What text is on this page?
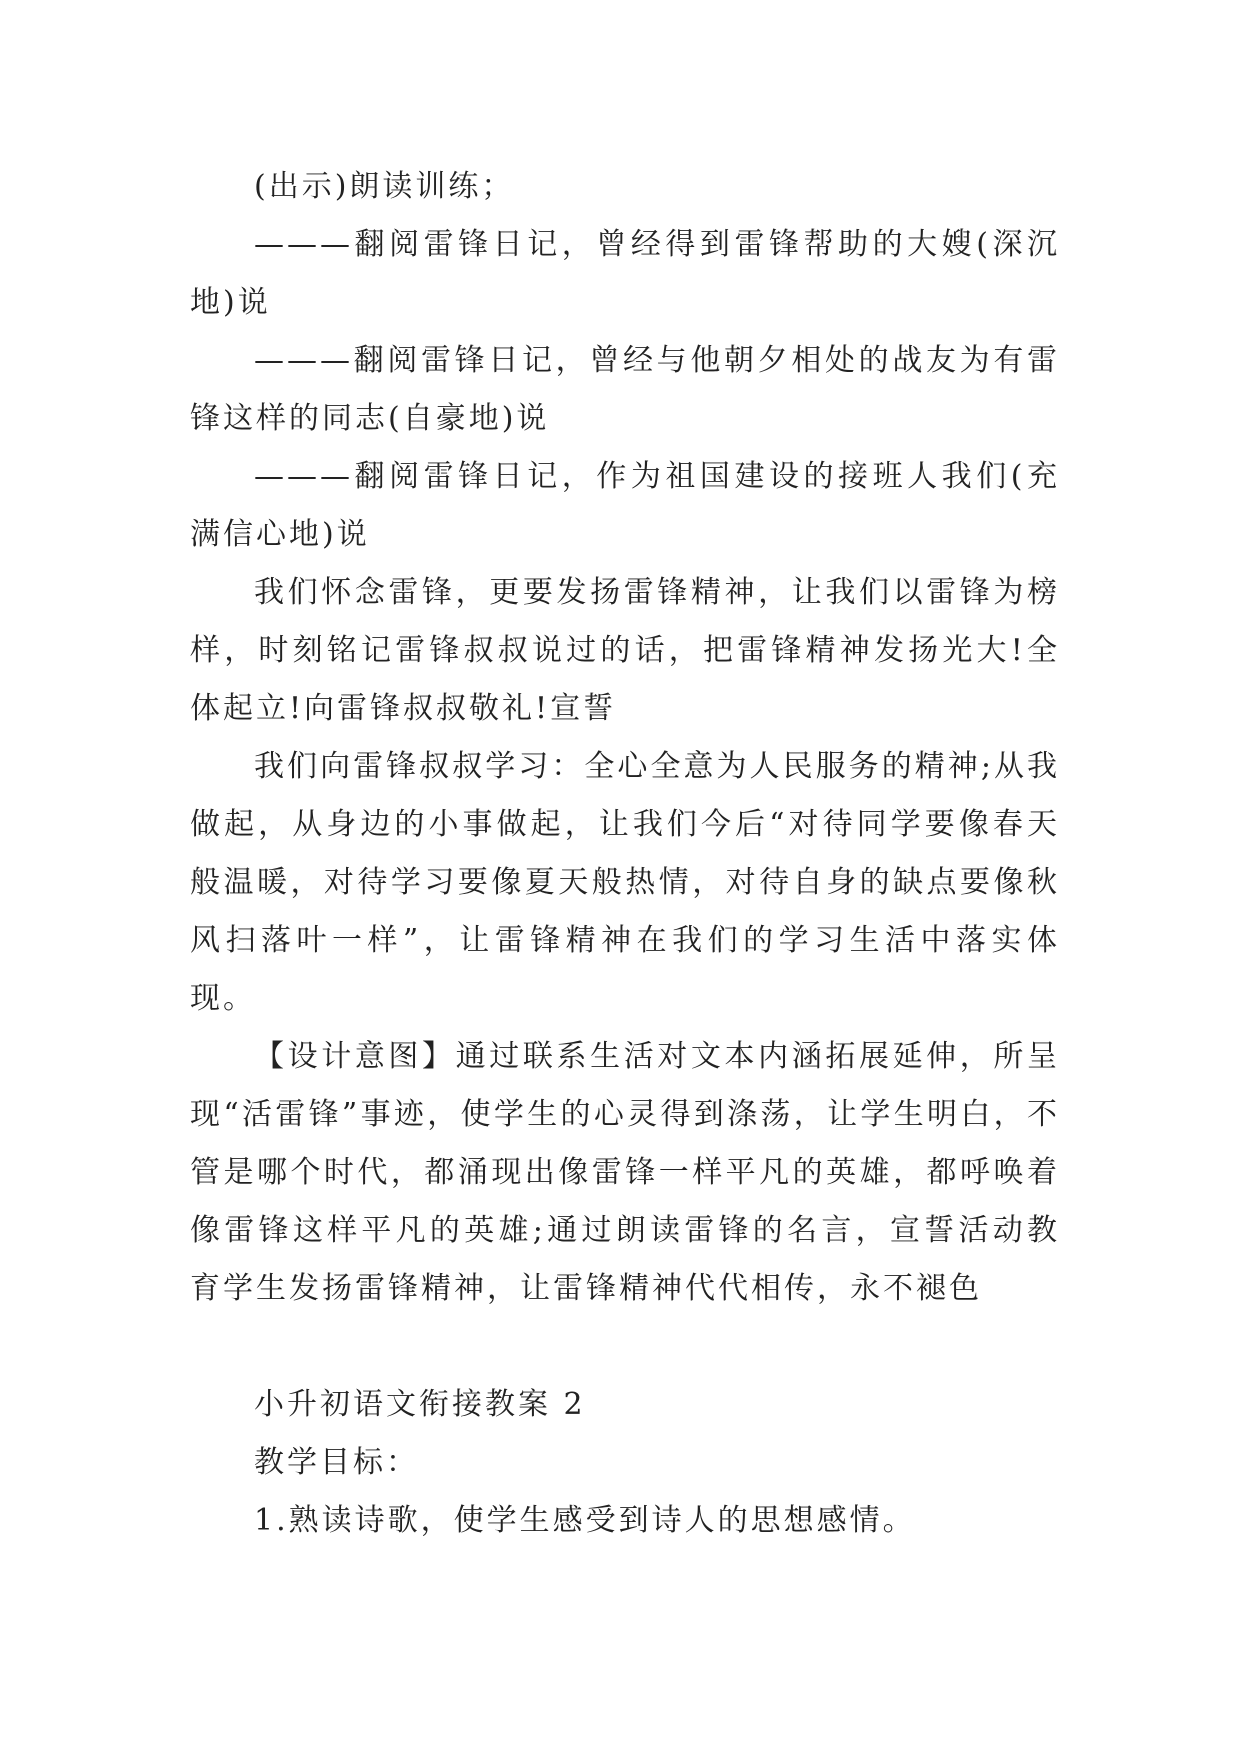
(出示)朗读训练；

———翻阅雷锋日记，曾经得到雷锋帮助的大嫂(深沉地)说

———翻阅雷锋日记，曾经与他朝夕相处的战友为有雷锋这样的同志(自豪地)说

———翻阅雷锋日记，作为祖国建设的接班人我们(充满信心地)说

我们怀念雷锋，更要发扬雷锋精神，让我们以雷锋为榜样，时刻铭记雷锋叔叔说过的话，把雷锋精神发扬光大!全体起立!向雷锋叔叔敬礼!宣誓

我们向雷锋叔叔学习：全心全意为人民服务的精神;从我做起，从身边的小事做起，让我们今后“对待同学要像春天般温暖，对待学习要像夏天般热情，对待自身的缺点要像秋风扫落叶一样”，让雷锋精神在我们的学习生活中落实体现。

【设计意图】通过联系生活对文本内涵拓展延伸，所呈现“活雷锋”事迹，使学生的心灵得到涤荡，让学生明白，不管是哪个时代，都涌现出像雷锋一样平凡的英雄，都呼唤着像雷锋这样平凡的英雄;通过朗读雷锋的名言，宣誓活动教育学生发扬雷锋精神，让雷锋精神代代相传，永不褪色

小升初语文衔接教案 2

教学目标：

1.熟读诗歌，使学生感受到诗人的思想感情。
